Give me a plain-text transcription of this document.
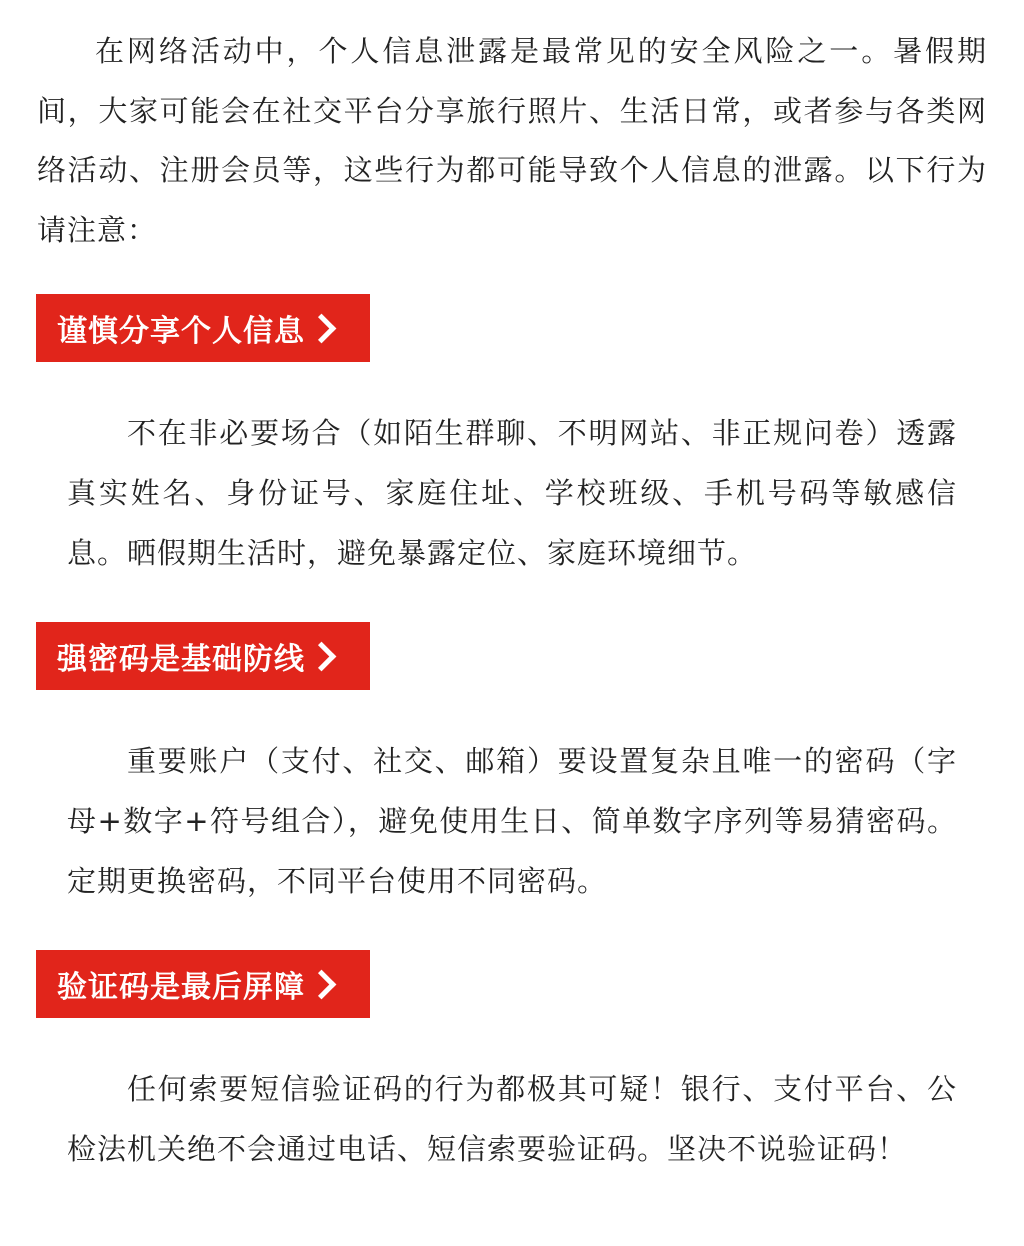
在网络活动中，个人信息泄露是最常见的安全风险之一。暑假期间，大家可能会在社交平台分享旅行照片、生活日常，或者参与各类网络活动、注册会员等，这些行为都可能导致个人信息的泄露。以下行为请注意：

谨慎分享个人信息

不在非必要场合（如陌生群聊、不明网站、非正规问卷）透露真实姓名、身份证号、家庭住址、学校班级、手机号码等敏感信息。晒假期生活时，避免暴露定位、家庭环境细节。

强密码是基础防线

重要账户（支付、社交、邮箱）要设置复杂且唯一的密码（字母+数字+符号组合），避免使用生日、简单数字序列等易猜密码。定期更换密码，不同平台使用不同密码。

验证码是最后屏障

任何索要短信验证码的行为都极其可疑！银行、支付平台、公检法机关绝不会通过电话、短信索要验证码。坚决不说验证码！
